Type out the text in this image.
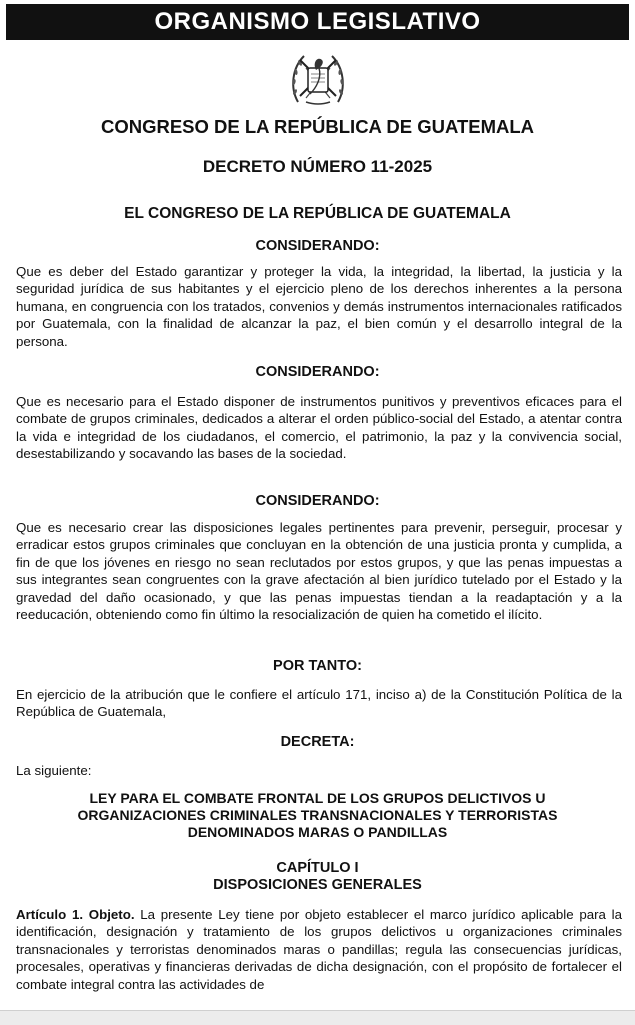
ORGANISMO LEGISLATIVO
CONGRESO DE LA REPÚBLICA DE GUATEMALA
DECRETO NÚMERO 11-2025
EL CONGRESO DE LA REPÚBLICA DE GUATEMALA
CONSIDERANDO:
Que es deber del Estado garantizar y proteger la vida, la integridad, la libertad, la justicia y la seguridad jurídica de sus habitantes y el ejercicio pleno de los derechos inherentes a la persona humana, en congruencia con los tratados, convenios y demás instrumentos internacionales ratificados por Guatemala, con la finalidad de alcanzar la paz, el bien común y el desarrollo integral de la persona.
CONSIDERANDO:
Que es necesario para el Estado disponer de instrumentos punitivos y preventivos eficaces para el combate de grupos criminales, dedicados a alterar el orden público-social del Estado, a atentar contra la vida e integridad de los ciudadanos, el comercio, el patrimonio, la paz y la convivencia social, desestabilizando y socavando las bases de la sociedad.
CONSIDERANDO:
Que es necesario crear las disposiciones legales pertinentes para prevenir, perseguir, procesar y erradicar estos grupos criminales que concluyan en la obtención de una justicia pronta y cumplida, a fin de que los jóvenes en riesgo no sean reclutados por estos grupos, y que las penas impuestas a sus integrantes sean congruentes con la grave afectación al bien jurídico tutelado por el Estado y la gravedad del daño ocasionado, y que las penas impuestas tiendan a la readaptación y a la reeducación, obteniendo como fin último la resocialización de quien ha cometido el ilícito.
POR TANTO:
En ejercicio de la atribución que le confiere el artículo 171, inciso a) de la Constitución Política de la República de Guatemala,
DECRETA:
La siguiente:
LEY PARA EL COMBATE FRONTAL DE LOS GRUPOS DELICTIVOS U ORGANIZACIONES CRIMINALES TRANSNACIONALES Y TERRORISTAS DENOMINADOS MARAS O PANDILLAS
CAPÍTULO I
DISPOSICIONES GENERALES
Artículo 1. Objeto. La presente Ley tiene por objeto establecer el marco jurídico aplicable para la identificación, designación y tratamiento de los grupos delictivos u organizaciones criminales transnacionales y terroristas denominados maras o pandillas; regula las consecuencias jurídicas, procesales, operativas y financieras derivadas de dicha designación, con el propósito de fortalecer el combate integral contra las actividades de
